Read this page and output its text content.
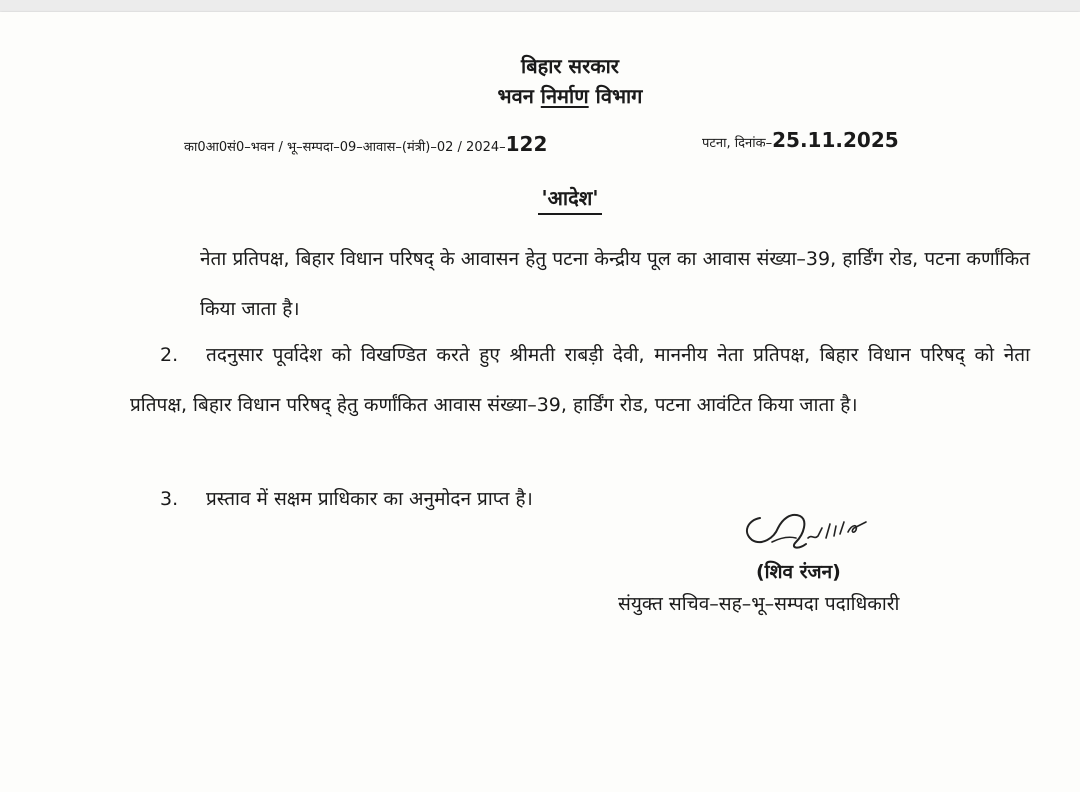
बिहार सरकार
भवन निर्माण विभाग
का0आ0सं0–भवन / भू–सम्पदा–09–आवास–(मंत्री)–02 / 2024–122	पटना, दिनांक–25.11.2025
'आदेश'
नेता प्रतिपक्ष, बिहार विधान परिषद् के आवासन हेतु पटना केन्द्रीय पूल का आवास संख्या–39, हार्डिंग रोड, पटना कर्णांकित किया जाता है।
2. तदनुसार पूर्वादेश को विखण्डित करते हुए श्रीमती राबड़ी देवी, माननीय नेता प्रतिपक्ष, बिहार विधान परिषद् को नेता प्रतिपक्ष, बिहार विधान परिषद् हेतु कर्णांकित आवास संख्या–39, हार्डिंग रोड, पटना आवंटित किया जाता है।
3. प्रस्ताव में सक्षम प्राधिकार का अनुमोदन प्राप्त है।
(शिव रंजन)
संयुक्त सचिव–सह–भू–सम्पदा पदाधिकारी
